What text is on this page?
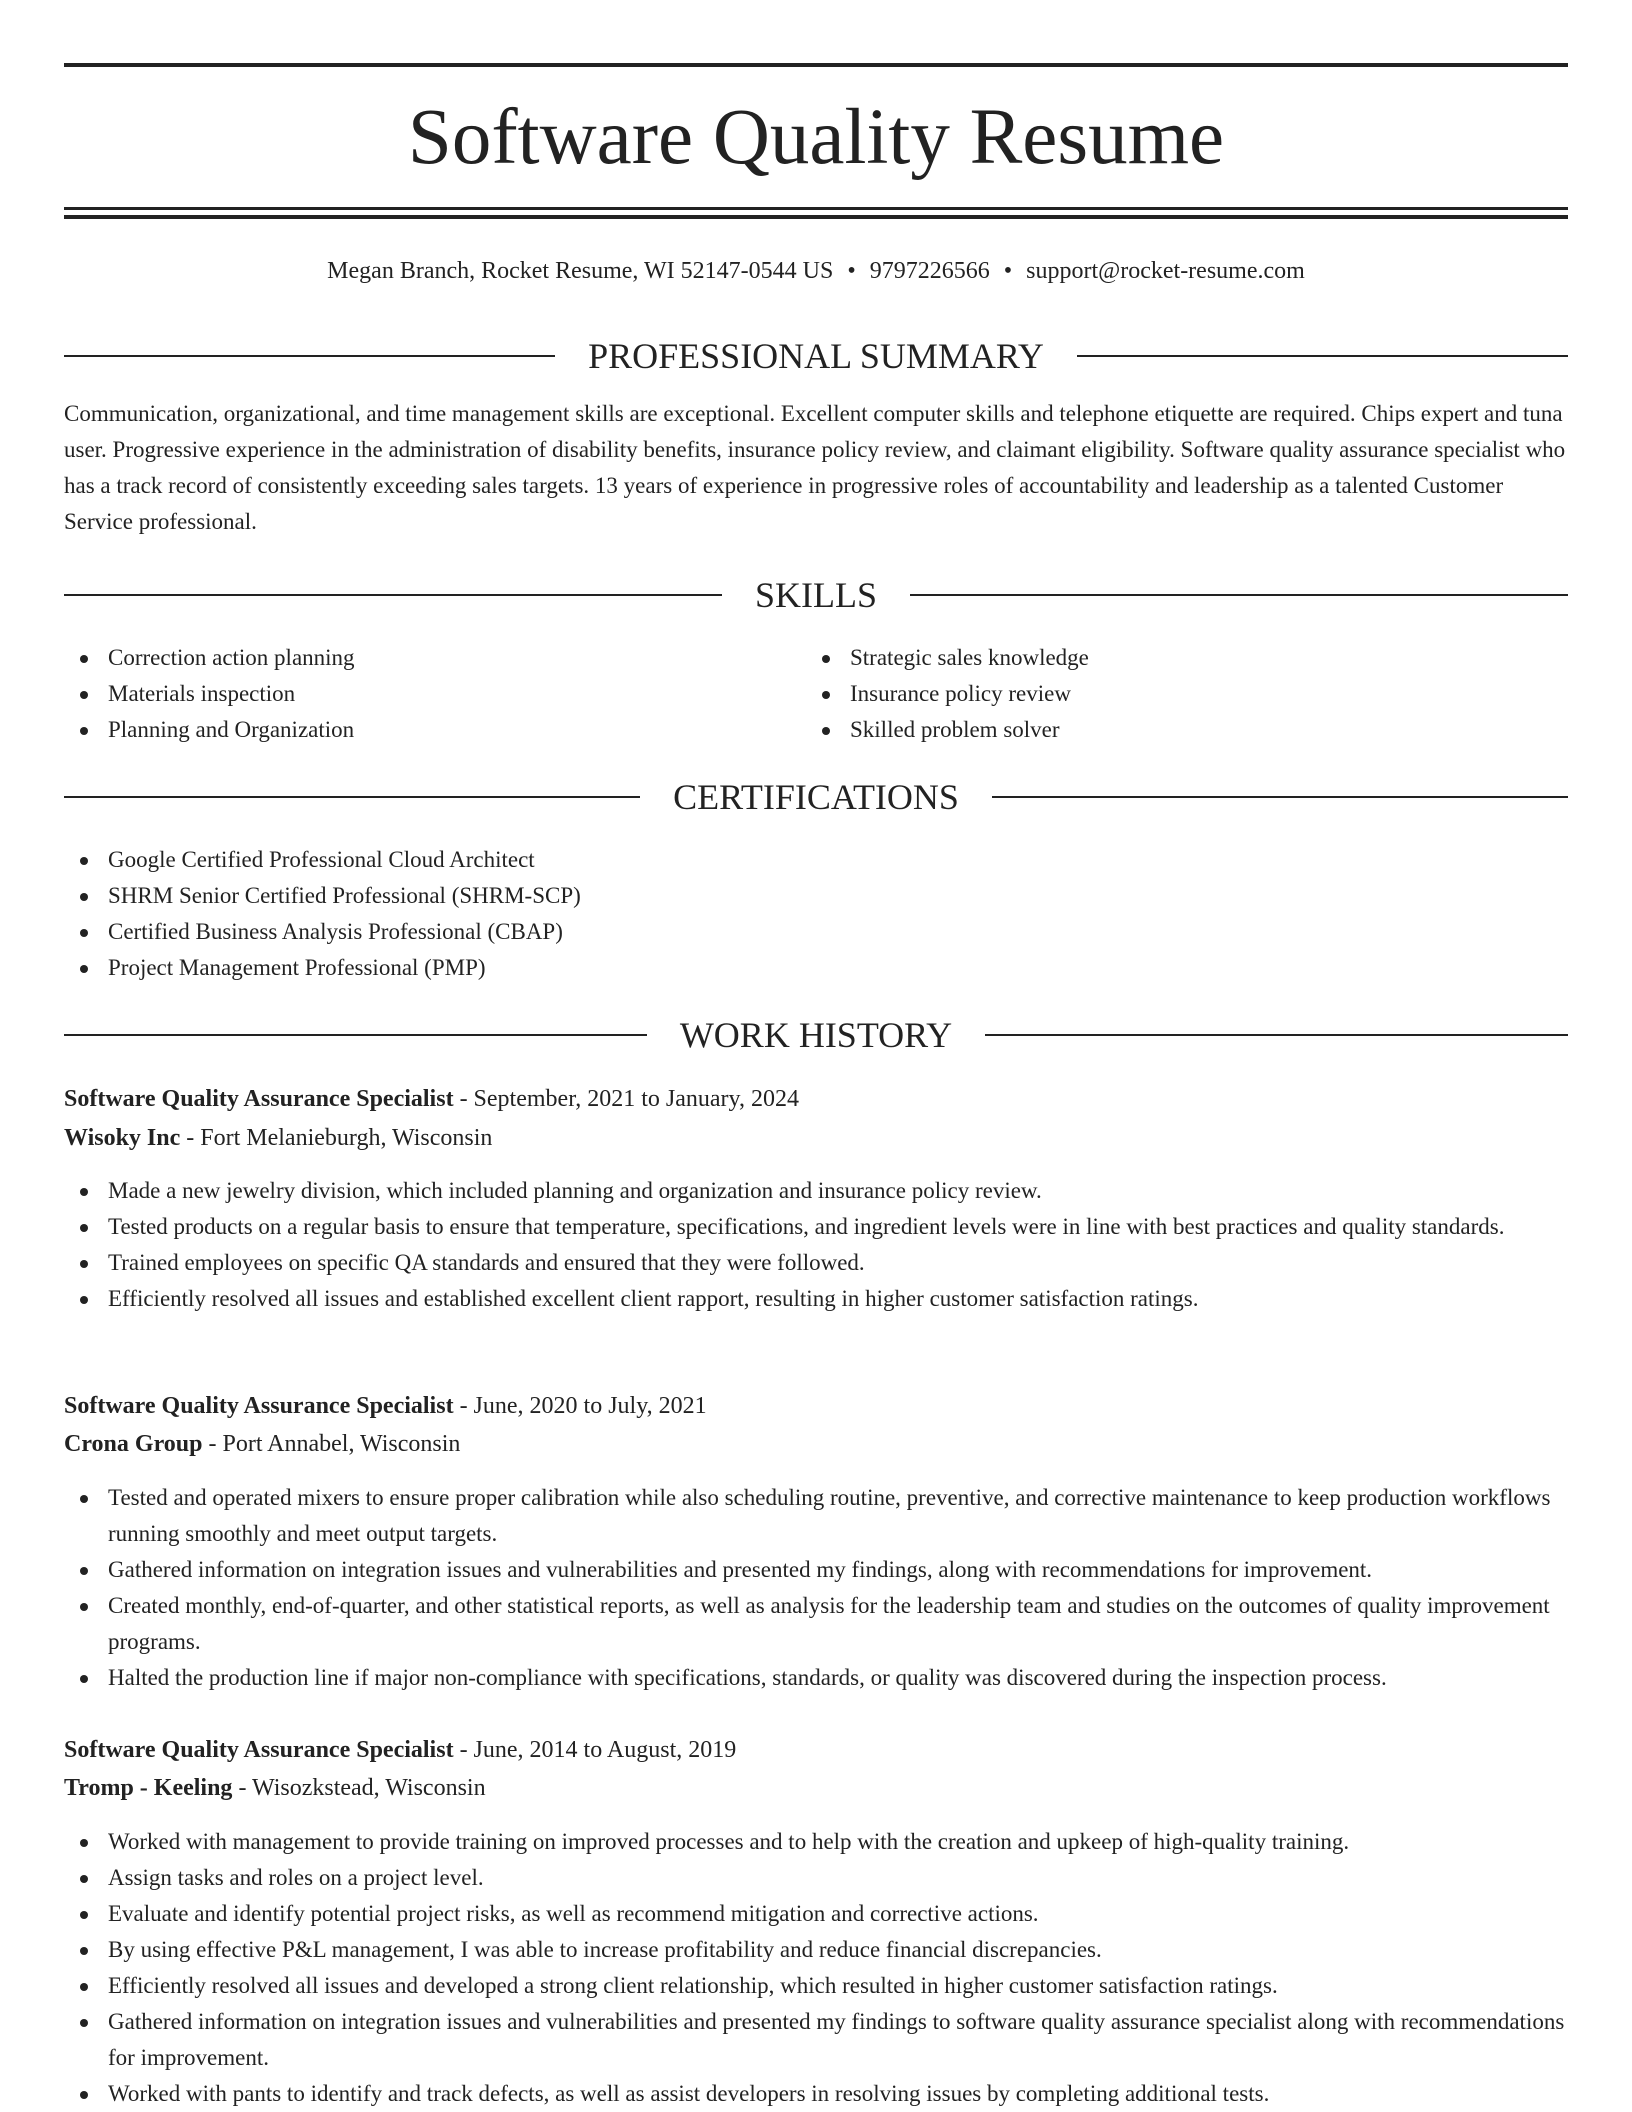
Software Quality Resume
Megan Branch, Rocket Resume, WI 52147-0544 US • 9797226566 • support@rocket-resume.com
PROFESSIONAL SUMMARY
Communication, organizational, and time management skills are exceptional. Excellent computer skills and telephone etiquette are required. Chips expert and tuna user. Progressive experience in the administration of disability benefits, insurance policy review, and claimant eligibility. Software quality assurance specialist who has a track record of consistently exceeding sales targets. 13 years of experience in progressive roles of accountability and leadership as a talented Customer Service professional.
SKILLS
Correction action planning
Materials inspection
Planning and Organization
Strategic sales knowledge
Insurance policy review
Skilled problem solver
CERTIFICATIONS
Google Certified Professional Cloud Architect
SHRM Senior Certified Professional (SHRM-SCP)
Certified Business Analysis Professional (CBAP)
Project Management Professional (PMP)
WORK HISTORY
Software Quality Assurance Specialist - September, 2021 to January, 2024
Wisoky Inc - Fort Melanieburgh, Wisconsin
Made a new jewelry division, which included planning and organization and insurance policy review.
Tested products on a regular basis to ensure that temperature, specifications, and ingredient levels were in line with best practices and quality standards.
Trained employees on specific QA standards and ensured that they were followed.
Efficiently resolved all issues and established excellent client rapport, resulting in higher customer satisfaction ratings.
Software Quality Assurance Specialist - June, 2020 to July, 2021
Crona Group - Port Annabel, Wisconsin
Tested and operated mixers to ensure proper calibration while also scheduling routine, preventive, and corrective maintenance to keep production workflows running smoothly and meet output targets.
Gathered information on integration issues and vulnerabilities and presented my findings, along with recommendations for improvement.
Created monthly, end-of-quarter, and other statistical reports, as well as analysis for the leadership team and studies on the outcomes of quality improvement programs.
Halted the production line if major non-compliance with specifications, standards, or quality was discovered during the inspection process.
Software Quality Assurance Specialist - June, 2014 to August, 2019
Tromp - Keeling - Wisozkstead, Wisconsin
Worked with management to provide training on improved processes and to help with the creation and upkeep of high-quality training.
Assign tasks and roles on a project level.
Evaluate and identify potential project risks, as well as recommend mitigation and corrective actions.
By using effective P&L management, I was able to increase profitability and reduce financial discrepancies.
Efficiently resolved all issues and developed a strong client relationship, which resulted in higher customer satisfaction ratings.
Gathered information on integration issues and vulnerabilities and presented my findings to software quality assurance specialist along with recommendations for improvement.
Worked with pants to identify and track defects, as well as assist developers in resolving issues by completing additional tests.
